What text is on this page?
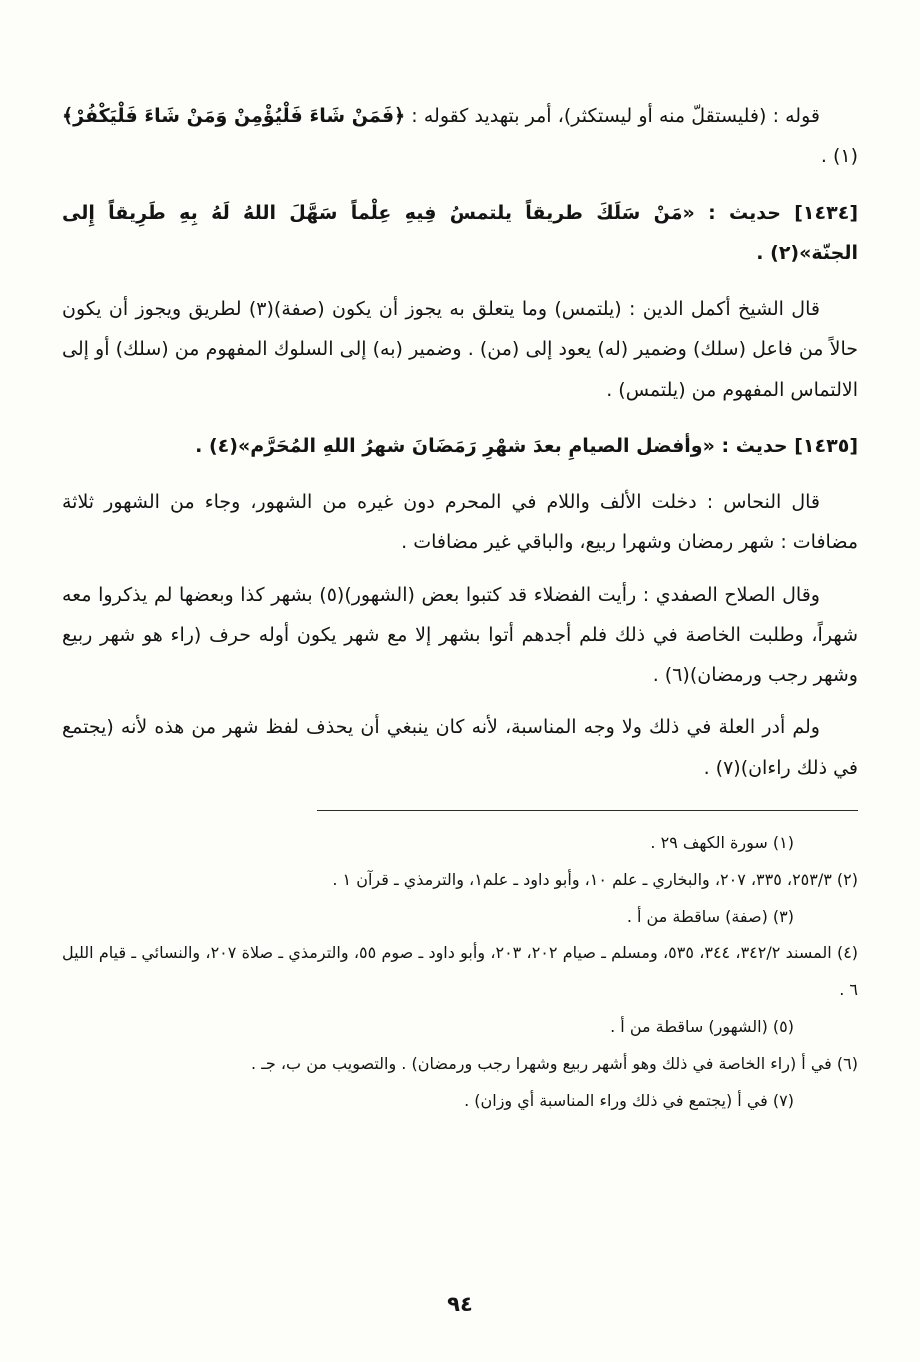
قوله : (فليستقلّ منه أو ليستكثر)، أمر بتهديد كقوله : ﴿فَمَنْ شَاءَ فَلْيُؤْمِنْ وَمَنْ شَاءَ فَلْيَكْفُرْ﴾(١) .

[١٤٣٤] حديث : «مَنْ سَلَكَ طريقاً يلتمسُ فِيهِ عِلْماً سَهَّلَ اللهُ لَهُ بِهِ طَرِيقاً إِلى الجنّة»(٢) .

قال الشيخ أكمل الدين : (يلتمس) وما يتعلق به يجوز أن يكون (صفة)(٣) لطريق ويجوز أن يكون حالاً من فاعل (سلك) وضمير (له) يعود إلى (من) . وضمير (به) إلى السلوك المفهوم من (سلك) أو إلى الالتماس المفهوم من (يلتمس) .

[١٤٣٥] حديث : «وأفضل الصيامِ بعدَ شهْرِ رَمَضَانَ شهرُ اللهِ المُحَرَّم»(٤) .

قال النحاس : دخلت الألف واللام في المحرم دون غيره من الشهور، وجاء من الشهور ثلاثة مضافات : شهر رمضان وشهرا ربيع، والباقي غير مضافات .

وقال الصلاح الصفدي : رأيت الفضلاء قد كتبوا بعض (الشهور)(٥) بشهر كذا وبعضها لم يذكروا معه شهراً، وطلبت الخاصة في ذلك فلم أجدهم أتوا بشهر إلا مع شهر يكون أوله حرف (راء هو شهر ربيع وشهر رجب ورمضان)(٦) .

ولم أدر العلة في ذلك ولا وجه المناسبة، لأنه كان ينبغي أن يحذف لفظ شهر من هذه لأنه (يجتمع في ذلك راءان)(٧) .

(١) سورة الكهف ٢٩ .

(٢) ٢٥٣/٣، ٣٣٥، ٢٠٧، والبخاري ـ علم ١٠، وأبو داود ـ علم١، والترمذي ـ قرآن ١ .

(٣) (صفة) ساقطة من أ .

(٤) المسند ٣٤٢/٢، ٣٤٤، ٥٣٥، ومسلم ـ صيام ٢٠٢، ٢٠٣، وأبو داود ـ صوم ٥٥، والترمذي ـ صلاة ٢٠٧، والنسائي ـ قيام الليل ٦ .

(٥) (الشهور) ساقطة من أ .

(٦) في أ (راء الخاصة في ذلك وهو أشهر ربيع وشهرا رجب ورمضان) . والتصويب من ب، جـ .

(٧) في أ (يجتمع في ذلك وراء المناسبة أي وزان) .

٩٤
